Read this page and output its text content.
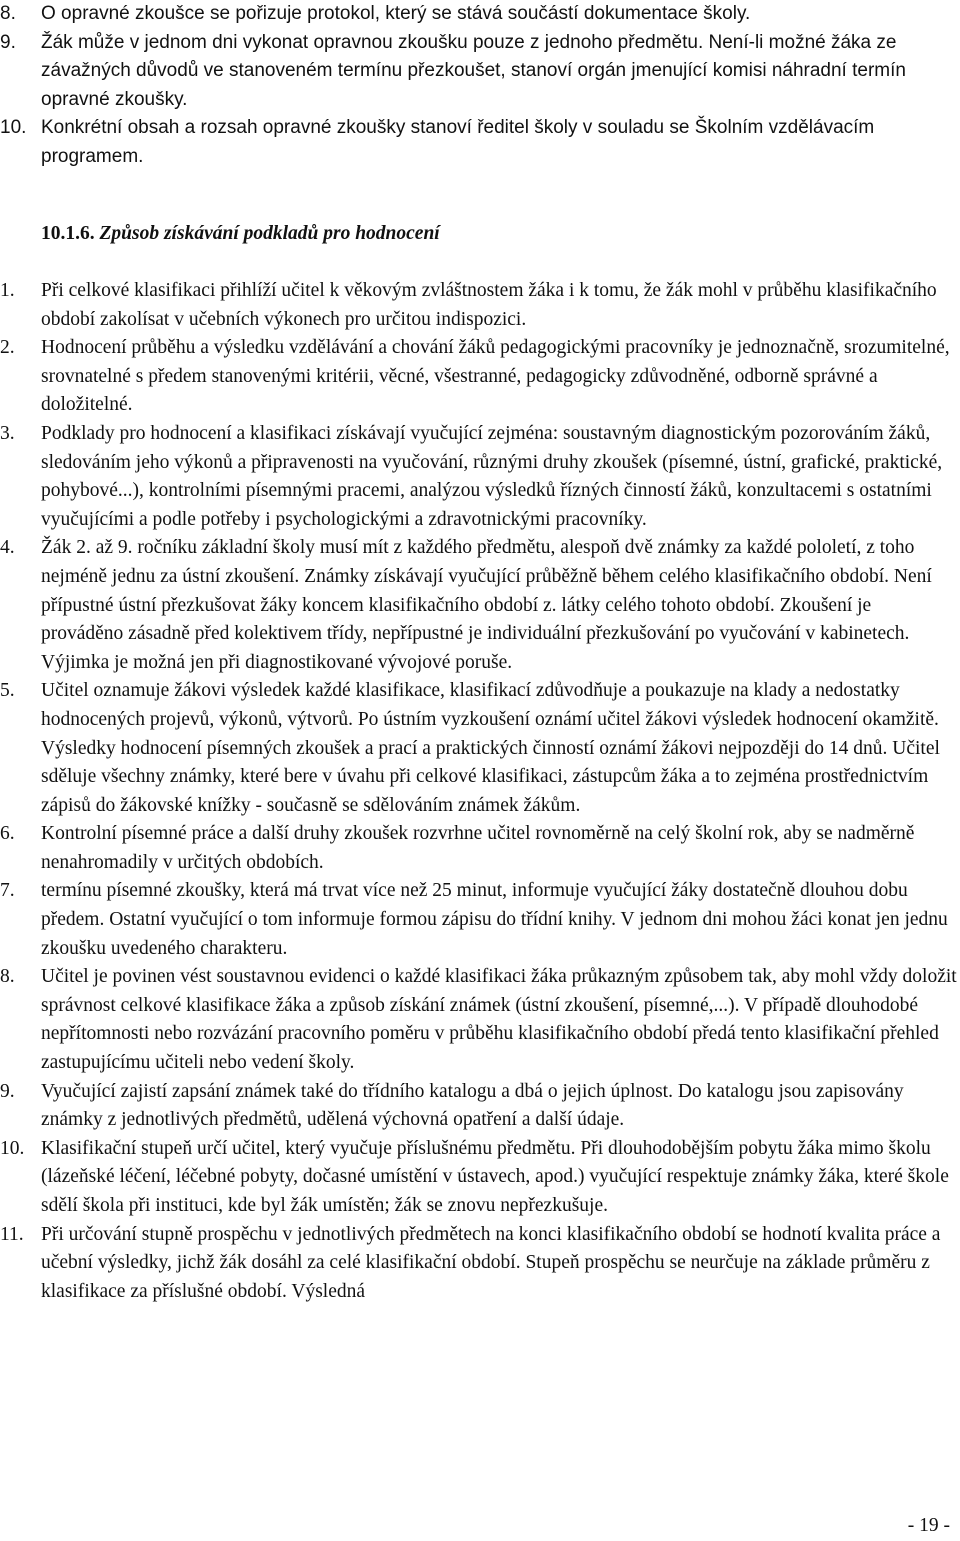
8. O opravné zkoušce se pořizuje protokol, který se stává součástí dokumentace školy.
9. Žák může v jednom dni vykonat opravnou zkoušku pouze z jednoho předmětu. Není-li možné žáka ze závažných důvodů ve stanoveném termínu přezkoušet, stanoví orgán jmenující komisi náhradní termín opravné zkoušky.
10. Konkrétní obsah a rozsah opravné zkoušky stanoví ředitel školy v souladu se Školním vzdělávacím programem.
10.1.6. Způsob získávání podkladů pro hodnocení
1. Při celkové klasifikaci přihlíží učitel k věkovým zvláštnostem žáka i k tomu, že žák mohl v průběhu klasifikačního období zakolísat v učebních výkonech pro určitou indispozici.
2. Hodnocení průběhu a výsledku vzdělávání a chování žáků pedagogickými pracovníky je jednoznačně, srozumitelné, srovnatelné s předem stanovenými kritérii, věcné, všestranné, pedagogicky zdůvodněné, odborně správné a doložitelné.
3. Podklady pro hodnocení a klasifikaci získávají vyučující zejména: soustavným diagnostickým pozorováním žáků, sledováním jeho výkonů a připravenosti na vyučování, různými druhy zkoušek (písemné, ústní, grafické, praktické, pohybové...), kontrolními písemnými pracemi, analýzou výsledků řízných činností žáků, konzultacemi s ostatními vyučujícími a podle potřeby i psychologickými a zdravotnickými pracovníky.
4. Žák 2. až 9. ročníku základní školy musí mít z každého předmětu, alespoň dvě známky za každé pololetí, z toho nejméně jednu za ústní zkoušení. Známky získávají vyučující průběžně během celého klasifikačního období. Není přípustné ústní přezkušovat žáky koncem klasifikačního období z. látky celého tohoto období. Zkoušení je prováděno zásadně před kolektivem třídy, nepřípustné je individuální přezkušování po vyučování v kabinetech. Výjimka je možná jen při diagnostikované vývojové poruše.
5. Učitel oznamuje žákovi výsledek každé klasifikace, klasifikací zdůvodňuje a poukazuje na klady a nedostatky hodnocených projevů, výkonů, výtvorů. Po ústním vyzkoušení oznámí učitel žákovi výsledek hodnocení okamžitě. Výsledky hodnocení písemných zkoušek a prací a praktických činností oznámí žákovi nejpozději do 14 dnů. Učitel sděluje všechny známky, které bere v úvahu při celkové klasifikaci, zástupcům žáka a to zejména prostřednictvím zápisů do žákovské knížky - současně se sdělováním známek žákům.
6. Kontrolní písemné práce a další druhy zkoušek rozvrhne učitel rovnoměrně na celý školní rok, aby se nadměrně nenahromadily v určitých obdobích.
7. termínu písemné zkoušky, která má trvat více než 25 minut, informuje vyučující žáky dostatečně dlouhou dobu předem. Ostatní vyučující o tom informuje formou zápisu do třídní knihy. V jednom dni mohou žáci konat jen jednu zkoušku uvedeného charakteru.
8. Učitel je povinen vést soustavnou evidenci o každé klasifikaci žáka průkazným způsobem tak, aby mohl vždy doložit správnost celkové klasifikace žáka a způsob získání známek (ústní zkoušení, písemné,...). V případě dlouhodobé nepřítomnosti nebo rozvázání pracovního poměru v průběhu klasifikačního období předá tento klasifikační přehled zastupujícímu učiteli nebo vedení školy.
9. Vyučující zajistí zapsání známek také do třídního katalogu a dbá o jejich úplnost. Do katalogu jsou zapisovány známky z jednotlivých předmětů, udělená výchovná opatření a další údaje.
10. Klasifikační stupeň určí učitel, který vyučuje příslušnému předmětu. Při dlouhodobějším pobytu žáka mimo školu (lázeňské léčení, léčebné pobyty, dočasné umístění v ústavech, apod.) vyučující respektuje známky žáka, které škole sdělí škola při instituci, kde byl žák umístěn; žák se znovu nepřezkušuje.
11. Při určování stupně prospěchu v jednotlivých předmětech na konci klasifikačního období se hodnotí kvalita práce a učební výsledky, jichž žák dosáhl za celé klasifikační období. Stupeň prospěchu se neurčuje na základe průměru z klasifikace za příslušné období. Výsledná
- 19 -
